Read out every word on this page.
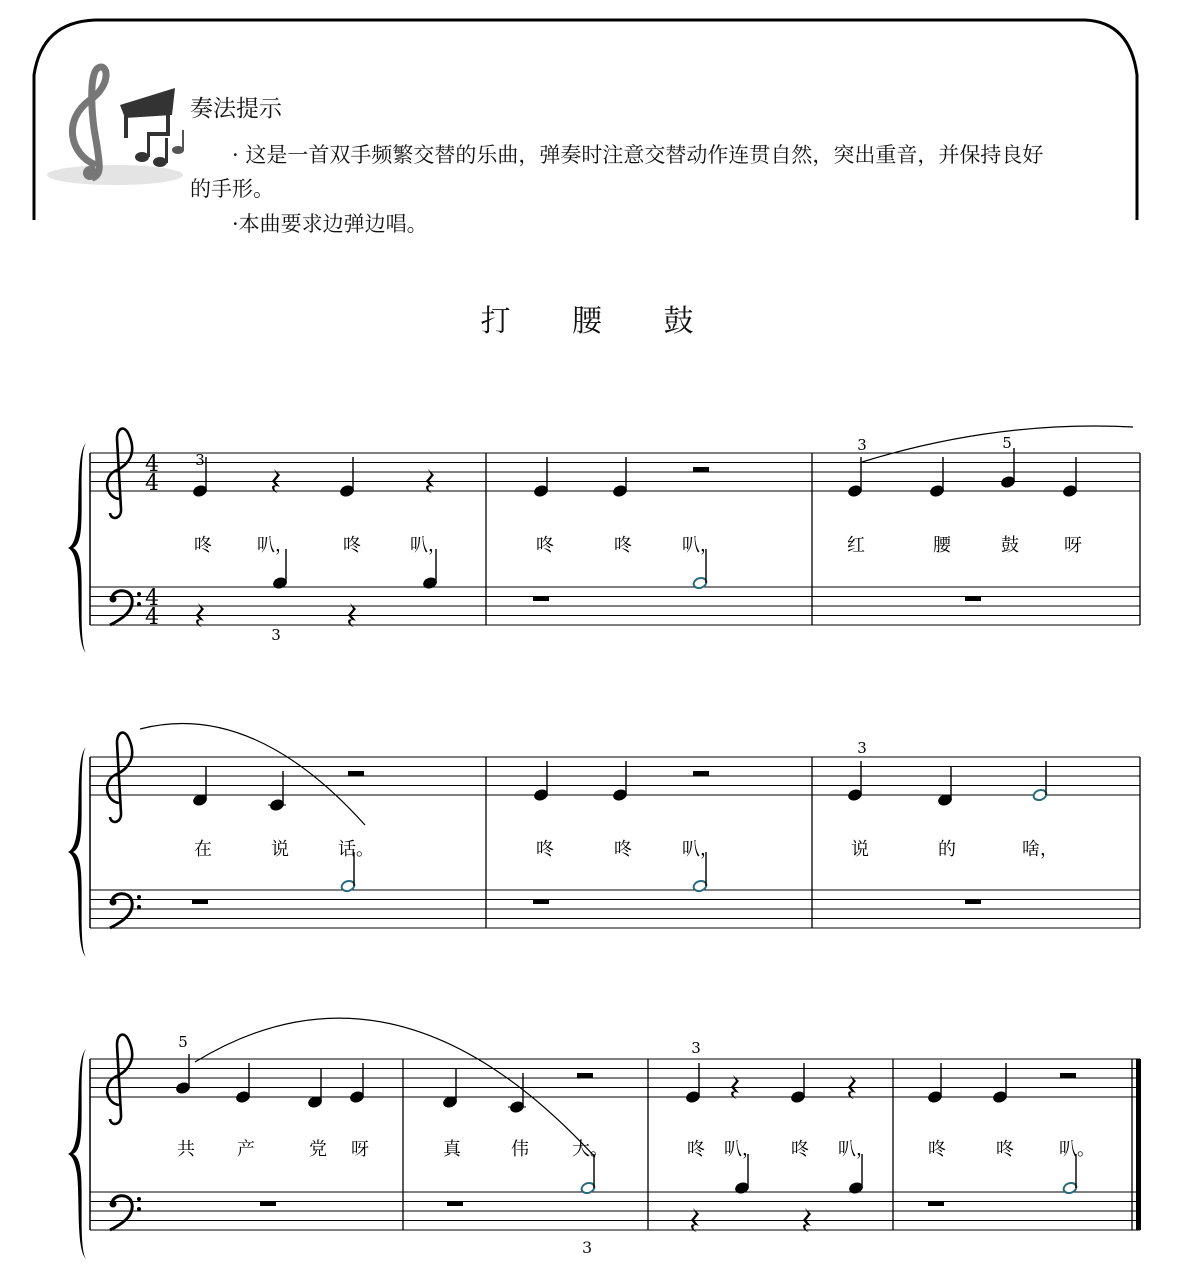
奏法提示
· 这是一首双手频繁交替的乐曲，弹奏时注意交替动作连贯自然，突出重音，并保持良好
的手形。
·本曲要求边弹边唱。
打 腰 鼓
4
4
4
4
咚	叭，	咚	叭，
3
3
咚	咚	叭，	红	腰	鼓	呀
3	5
在	说	话。	咚	咚	叭，	说	的	啥，
3
共 产	党 呀
5
真	伟 大。	咚 叭， 咚 叭，
3
咚	咚	叭。
3
